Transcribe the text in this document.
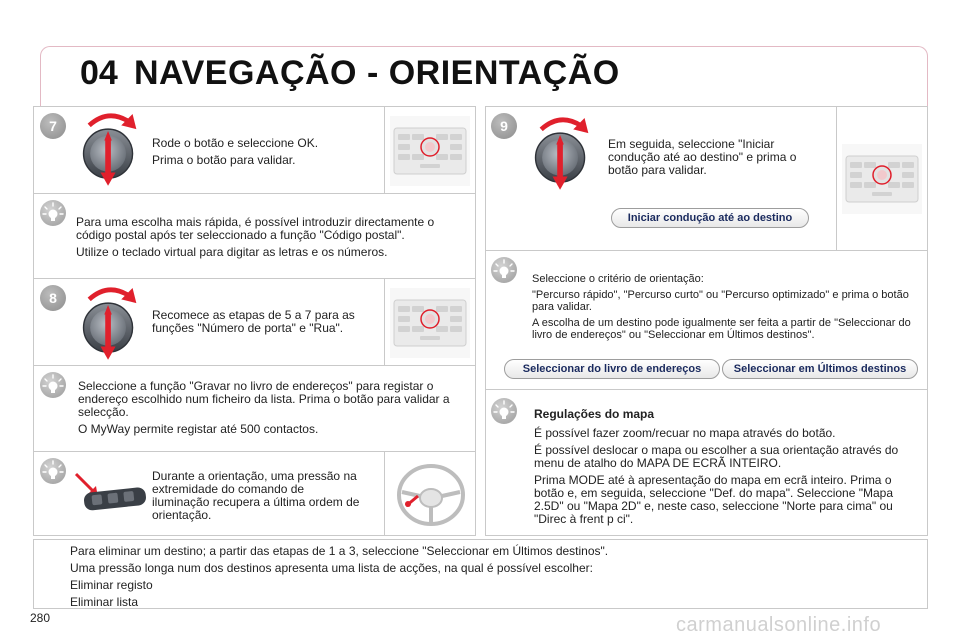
04 NAVEGAÇÃO - ORIENTAÇÃO
7

Rode o botão e seleccione OK.

Prima o botão para validar.

Para uma escolha mais rápida, é possível introduzir directamente o código postal após ter seleccionado a função "Código postal".

Utilize o teclado virtual para digitar as letras e os números.

8

Recomece as etapas de 5 a 7 para as funções "Número de porta" e "Rua".

Seleccione a função "Gravar no livro de endereços" para registar o endereço escolhido num ficheiro da lista. Prima o botão para validar a selecção.

O MyWay permite registar até 500 contactos.

Durante a orientação, uma pressão na extremidade do comando de iluminação recupera a última ordem de orientação.

9

Em seguida, seleccione "Iniciar condução até ao destino" e prima o botão para validar.

Iniciar condução até ao destino

Seleccione o critério de orientação:

"Percurso rápido", "Percurso curto" ou "Percurso optimizado" e prima o botão para validar.

A escolha de um destino pode igualmente ser feita a partir de "Seleccionar do livro de endereços" ou "Seleccionar em Últimos destinos".

Seleccionar do livro de endereços	Seleccionar em Últimos destinos

Regulações do mapa

É possível fazer zoom/recuar no mapa através do botão.

É possível deslocar o mapa ou escolher a sua orientação através do menu de atalho do MAPA DE ECRÃ INTEIRO.

Prima MODE até à apresentação do mapa em ecrã inteiro. Prima o botão e, em seguida, seleccione "Def. do mapa". Seleccione "Mapa 2.5D" ou "Mapa 2D" e, neste caso, seleccione "Norte para cima" ou "Direc à frent p ci".

Para eliminar um destino; a partir das etapas de 1 a 3, seleccione "Seleccionar em Últimos destinos".

Uma pressão longa num dos destinos apresenta uma lista de acções, na qual é possível escolher:

Eliminar registo

Eliminar lista

280	carmanualsonline.info
